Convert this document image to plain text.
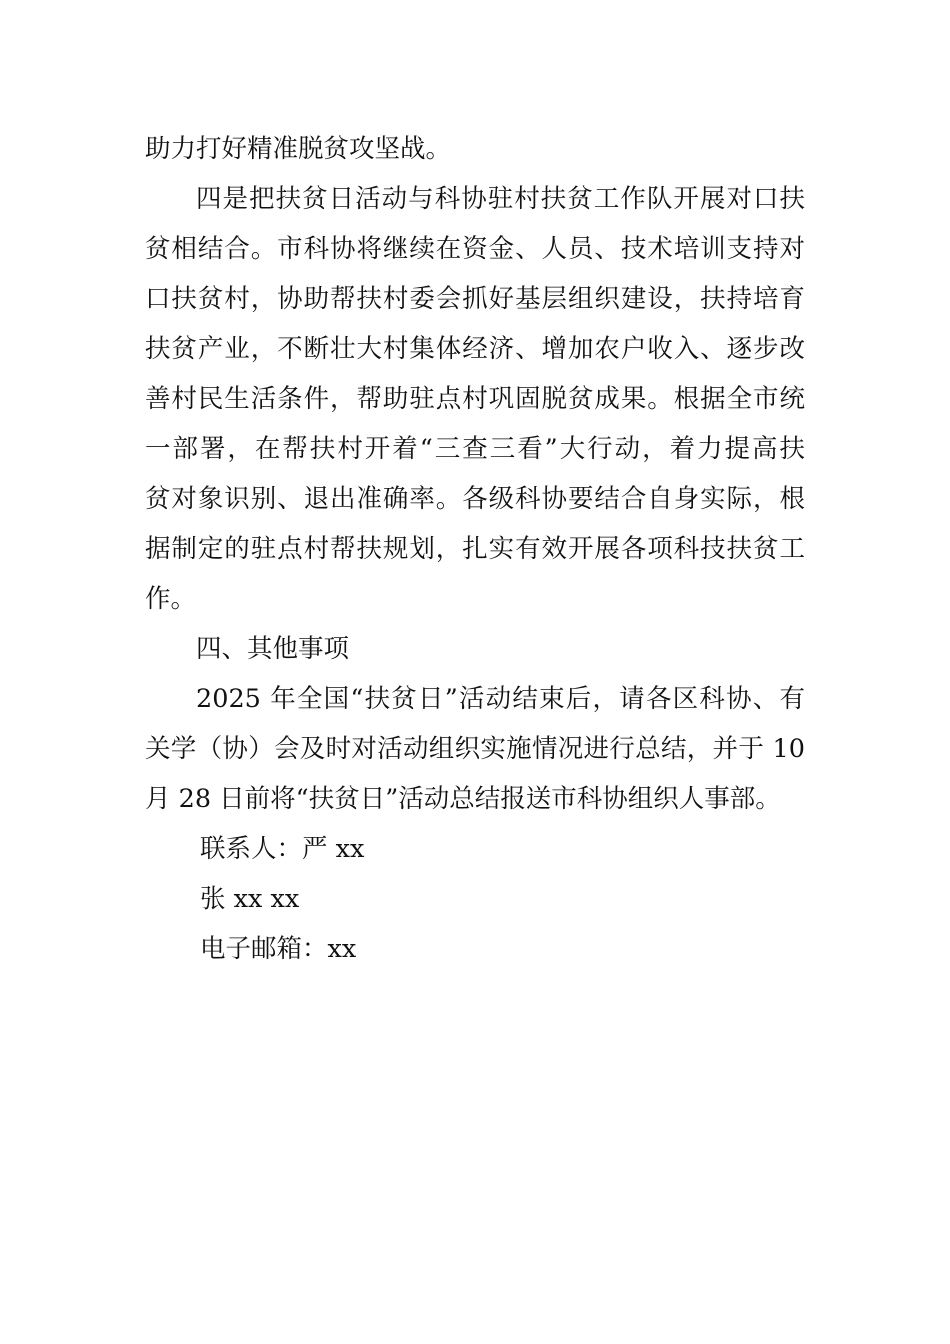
助力打好精准脱贫攻坚战。
四是把扶贫日活动与科协驻村扶贫工作队开展对口扶
贫相结合。市科协将继续在资金、人员、技术培训支持对
口扶贫村，协助帮扶村委会抓好基层组织建设，扶持培育
扶贫产业，不断壮大村集体经济、增加农户收入、逐步改
善村民生活条件，帮助驻点村巩固脱贫成果。根据全市统
一部署，在帮扶村开着“三查三看”大行动，着力提高扶
贫对象识别、退出准确率。各级科协要结合自身实际，根
据制定的驻点村帮扶规划，扎实有效开展各项科技扶贫工
作。
四、其他事项
2025 年全国“扶贫日”活动结束后，请各区科协、有
关学（协）会及时对活动组织实施情况进行总结，并于 10
月 28 日前将“扶贫日”活动总结报送市科协组织人事部。
联系人：严 xx
张 xx xx
电子邮箱：xx
